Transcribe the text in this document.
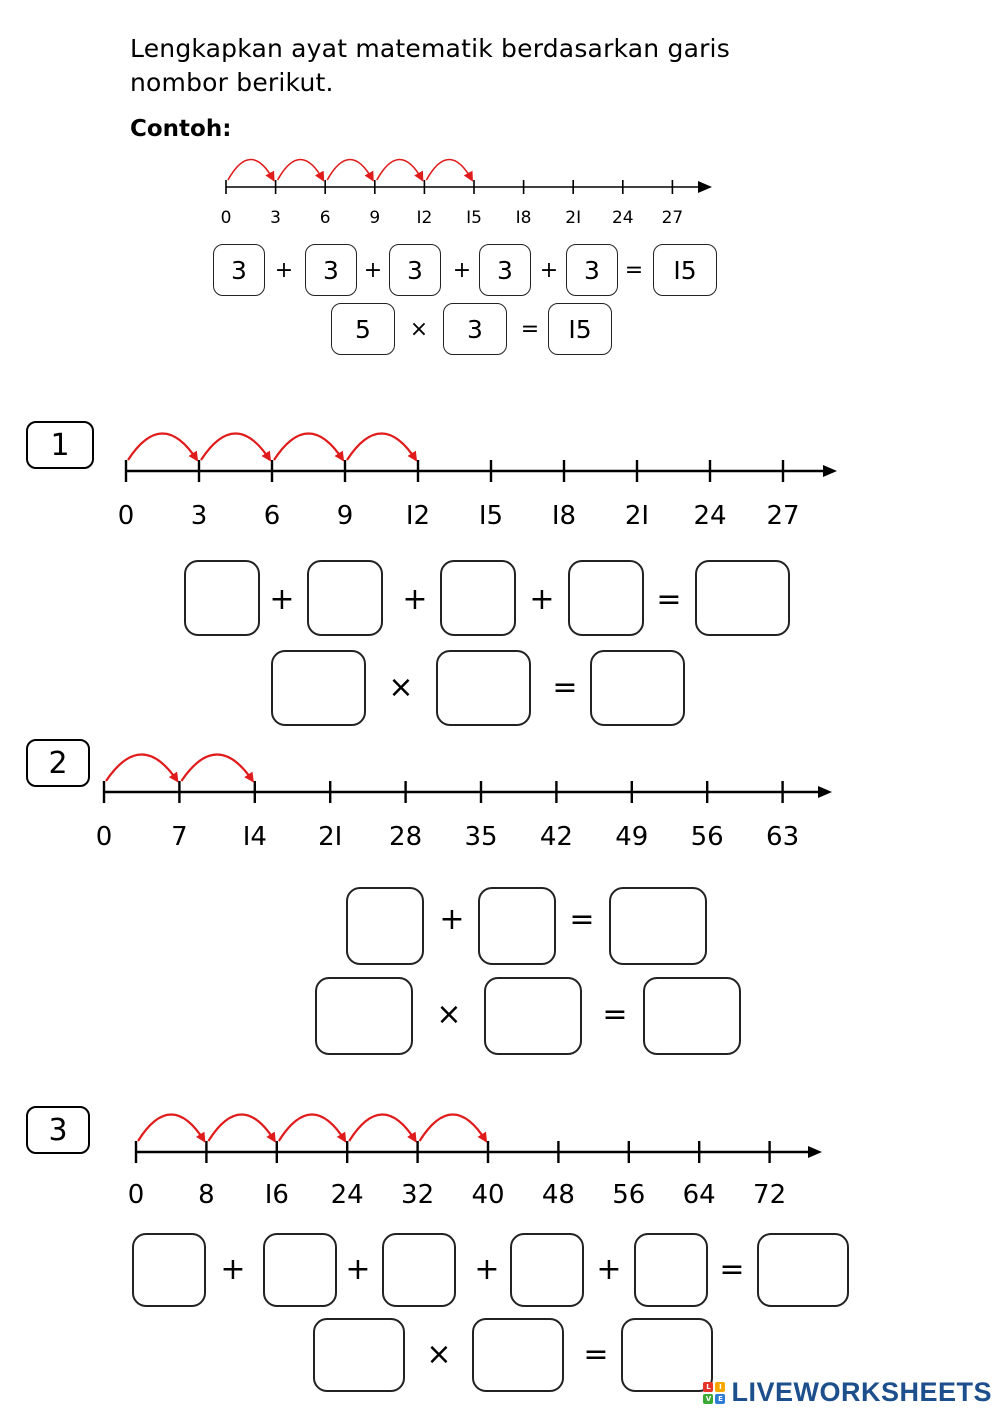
Lengkapkan ayat matematik berdasarkan garis
nombor berikut.
Contoh:
0 3 6 9 I2 I5 I8 2I 24 27
3	+	3	+ 3	+	3	+	3	=	I5
5	×	3	=	I5
1
0 3 6 9 I2 I5 I8 2I 24 27
+	+	+	=
×	=
2
0 7 I4 2I 28 35 42 49 56 63
+	=
×	=
3
0 8 I6 24 32 40 48 56 64 72
+	+	+	+	=
×	=
L	I
V E LIVEWORKSHEETS
